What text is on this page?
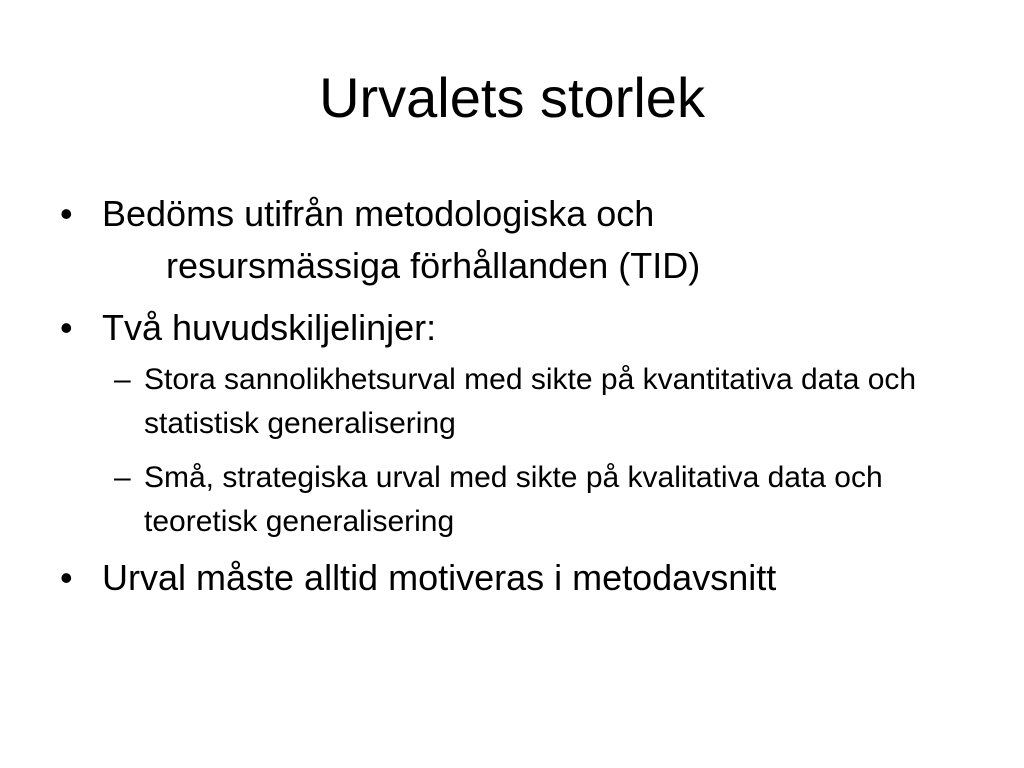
Urvalets storlek
• Bedöms utifrån metodologiska och
resursmässiga förhållanden (TID)
• Två huvudskiljelinjer:
– Stora sannolikhetsurval med sikte på kvantitativa data och statistisk generalisering
– Små, strategiska urval med sikte på kvalitativa data och teoretisk generalisering
• Urval måste alltid motiveras i metodavsnitt
